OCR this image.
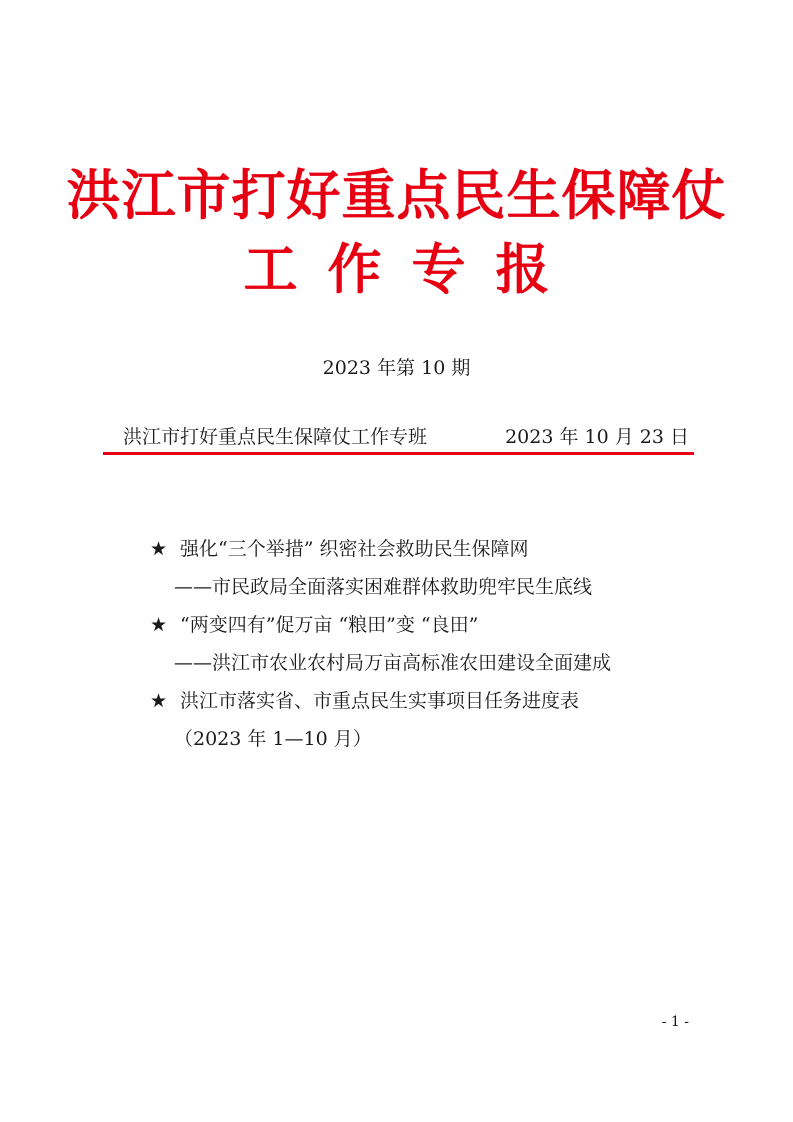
洪江市打好重点民生保障仗
工作专报
2023 年第 10 期
洪江市打好重点民生保障仗工作专班	2023 年 10 月 23 日
★ 强化“三个举措” 织密社会救助民生保障网
——市民政局全面落实困难群体救助兜牢民生底线
★ “两变四有”促万亩 “粮田”变 “良田”
——洪江市农业农村局万亩高标准农田建设全面建成
★ 洪江市落实省、市重点民生实事项目任务进度表
（2023 年 1—10 月）
- 1 -
